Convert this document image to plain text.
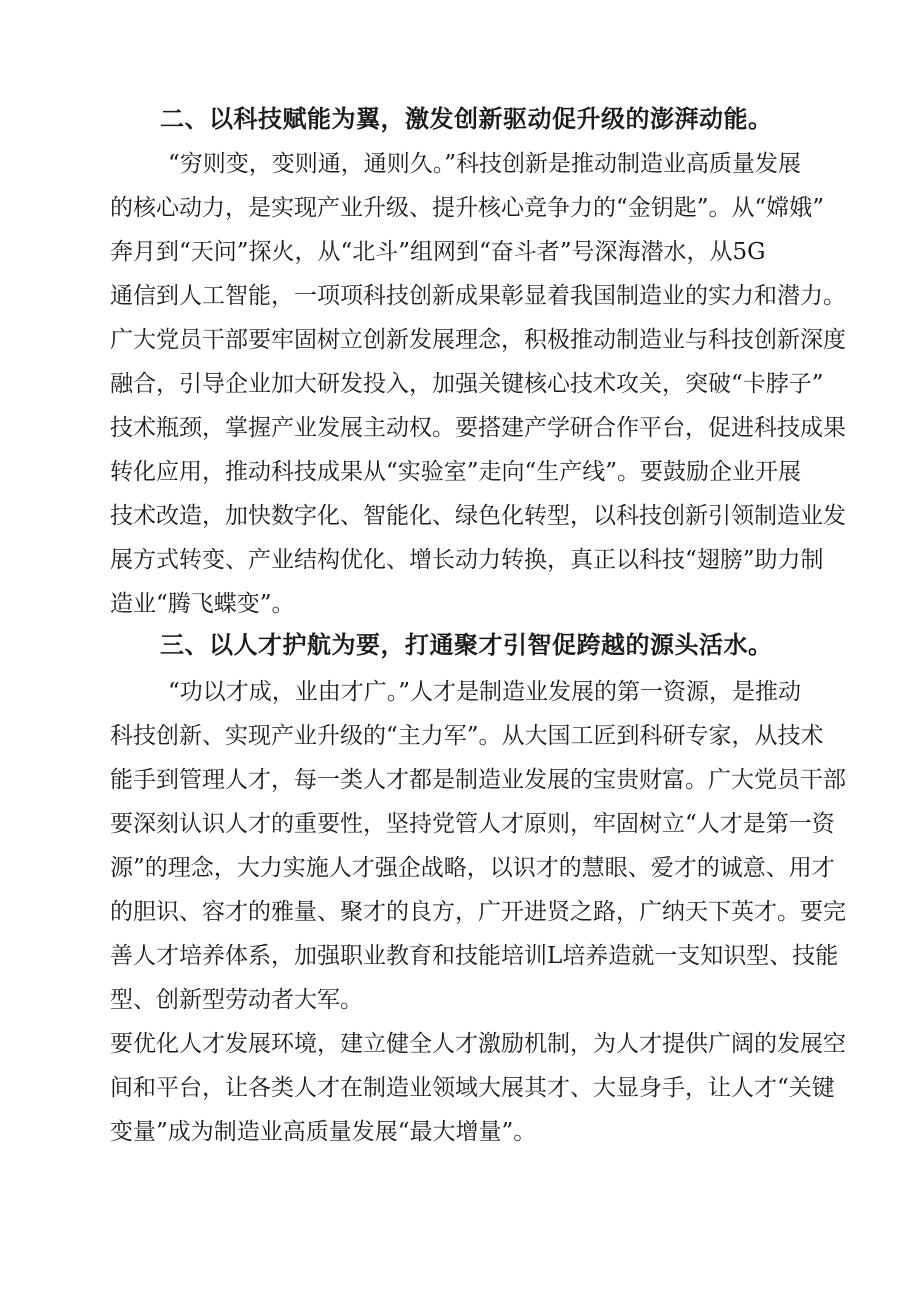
二、以科技赋能为翼，激发创新驱动促升级的澎湃动能。

“穷则变，变则通，通则久。”科技创新是推动制造业高质量发展

的核心动力，是实现产业升级、提升核心竞争力的“金钥匙”。从“嫦娥”

奔月到“天问”探火，从“北斗”组网到“奋斗者”号深海潜水，从5G

通信到人工智能，一项项科技创新成果彰显着我国制造业的实力和潜力。

广大党员干部要牢固树立创新发展理念，积极推动制造业与科技创新深度

融合，引导企业加大研发投入，加强关键核心技术攻关，突破“卡脖子”

技术瓶颈，掌握产业发展主动权。要搭建产学研合作平台，促进科技成果

转化应用，推动科技成果从“实验室”走向“生产线”。要鼓励企业开展

技术改造，加快数字化、智能化、绿色化转型，以科技创新引领制造业发

展方式转变、产业结构优化、增长动力转换，真正以科技“翅膀”助力制

造业“腾飞蝶变”。

三、以人才护航为要，打通聚才引智促跨越的源头活水。

“功以才成，业由才广。”人才是制造业发展的第一资源，是推动

科技创新、实现产业升级的“主力军”。从大国工匠到科研专家，从技术

能手到管理人才，每一类人才都是制造业发展的宝贵财富。广大党员干部

要深刻认识人才的重要性，坚持党管人才原则，牢固树立“人才是第一资

源”的理念，大力实施人才强企战略，以识才的慧眼、爱才的诚意、用才

的胆识、容才的雅量、聚才的良方，广开进贤之路，广纳天下英才。要完

善人才培养体系，加强职业教育和技能培训L培养造就一支知识型、技能

型、创新型劳动者大军。

要优化人才发展环境，建立健全人才激励机制，为人才提供广阔的发展空

间和平台，让各类人才在制造业领域大展其才、大显身手，让人才“关键

变量”成为制造业高质量发展“最大增量”。
